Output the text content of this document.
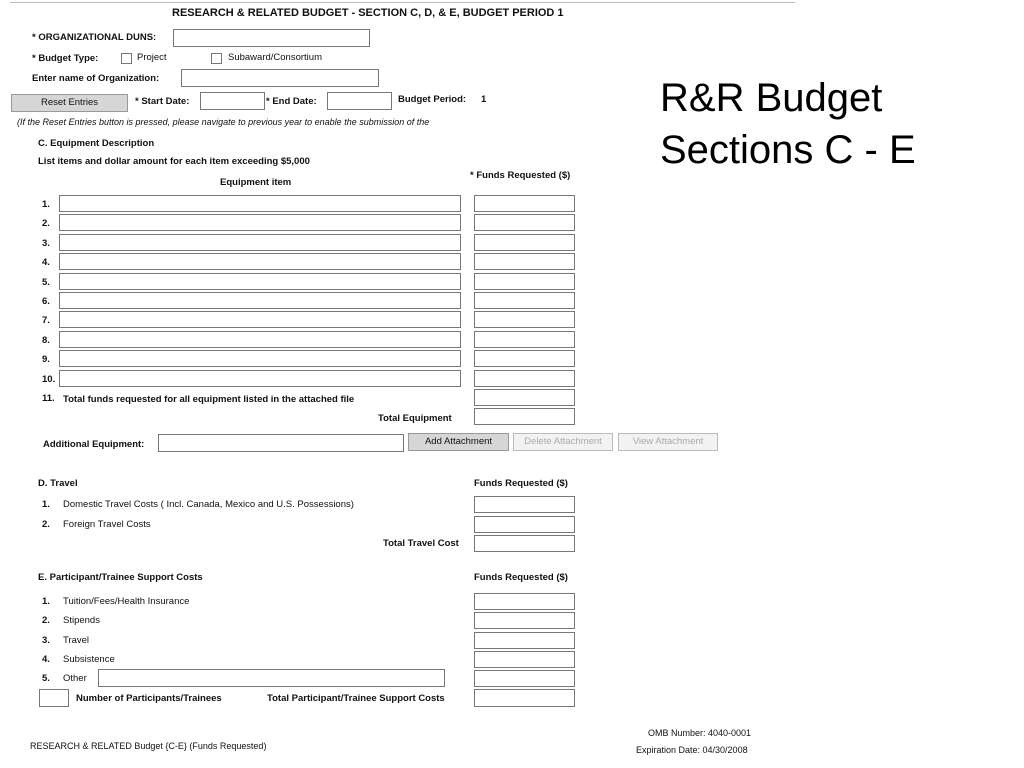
RESEARCH & RELATED BUDGET - SECTION C, D, & E, BUDGET PERIOD 1
* ORGANIZATIONAL DUNS:
* Budget Type:	Project	Subaward/Consortium
Enter name of Organization:
Reset Entries	* Start Date:	* End Date:	Budget Period: 1
(If the Reset Entries button is pressed, please navigate to previous year to enable the submission of the
C. Equipment Description
List items and dollar amount for each item exceeding $5,000
* Funds Requested ($)
Equipment item
1.
2.
3.
4.
5.
6.
7.
8.
9.
10.
11. Total funds requested for all equipment listed in the attached file
Total Equipment
Additional Equipment:	Add Attachment	Delete Attachment	View Attachment
D. Travel	Funds Requested ($)
1. Domestic Travel Costs ( Incl. Canada, Mexico and U.S. Possessions)
2. Foreign Travel Costs
Total Travel Cost
E. Participant/Trainee Support Costs	Funds Requested ($)
1. Tuition/Fees/Health Insurance
2. Stipends
3. Travel
4. Subsistence
5. Other
Number of Participants/Trainees	Total Participant/Trainee Support Costs
RESEARCH & RELATED Budget {C-E} (Funds Requested)
OMB Number: 4040-0001
Expiration Date: 04/30/2008
R&R Budget
Sections C - E
